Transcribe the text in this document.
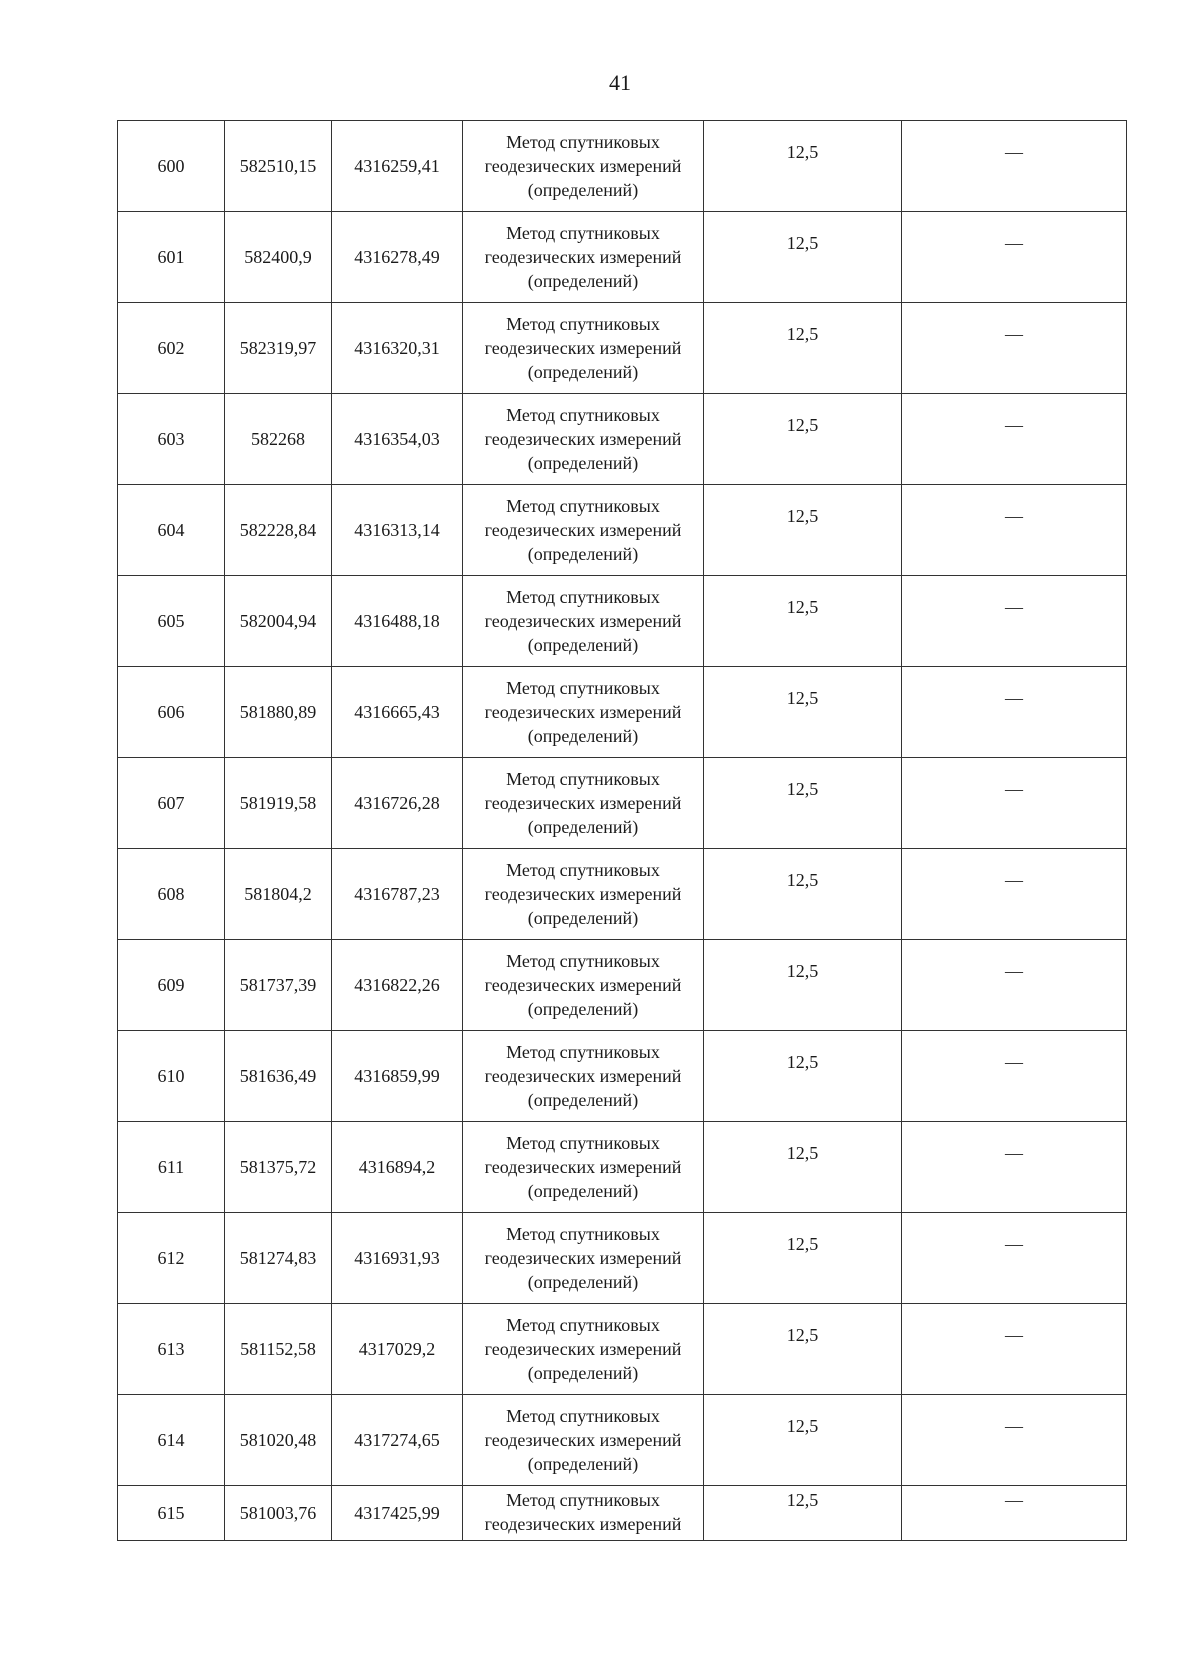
41
600	582510,15	4316259,41	Метод спутниковых
геодезических измерений
(определений)	12,5	—
601	582400,9	4316278,49	Метод спутниковых
геодезических измерений
(определений)	12,5	—
602	582319,97	4316320,31	Метод спутниковых
геодезических измерений
(определений)	12,5	—
603	582268	4316354,03	Метод спутниковых
геодезических измерений
(определений)	12,5	—
604	582228,84	4316313,14	Метод спутниковых
геодезических измерений
(определений)	12,5	—
605	582004,94	4316488,18	Метод спутниковых
геодезических измерений
(определений)	12,5	—
606	581880,89	4316665,43	Метод спутниковых
геодезических измерений
(определений)	12,5	—
607	581919,58	4316726,28	Метод спутниковых
геодезических измерений
(определений)	12,5	—
608	581804,2	4316787,23	Метод спутниковых
геодезических измерений
(определений)	12,5	—
609	581737,39	4316822,26	Метод спутниковых
геодезических измерений
(определений)	12,5	—
610	581636,49	4316859,99	Метод спутниковых
геодезических измерений
(определений)	12,5	—
611	581375,72	4316894,2	Метод спутниковых
геодезических измерений
(определений)	12,5	—
612	581274,83	4316931,93	Метод спутниковых
геодезических измерений
(определений)	12,5	—
613	581152,58	4317029,2	Метод спутниковых
геодезических измерений
(определений)	12,5	—
614	581020,48	4317274,65	Метод спутниковых
геодезических измерений
(определений)	12,5	—
615	581003,76	4317425,99	Метод спутниковых
геодезических измерений	12,5	—
